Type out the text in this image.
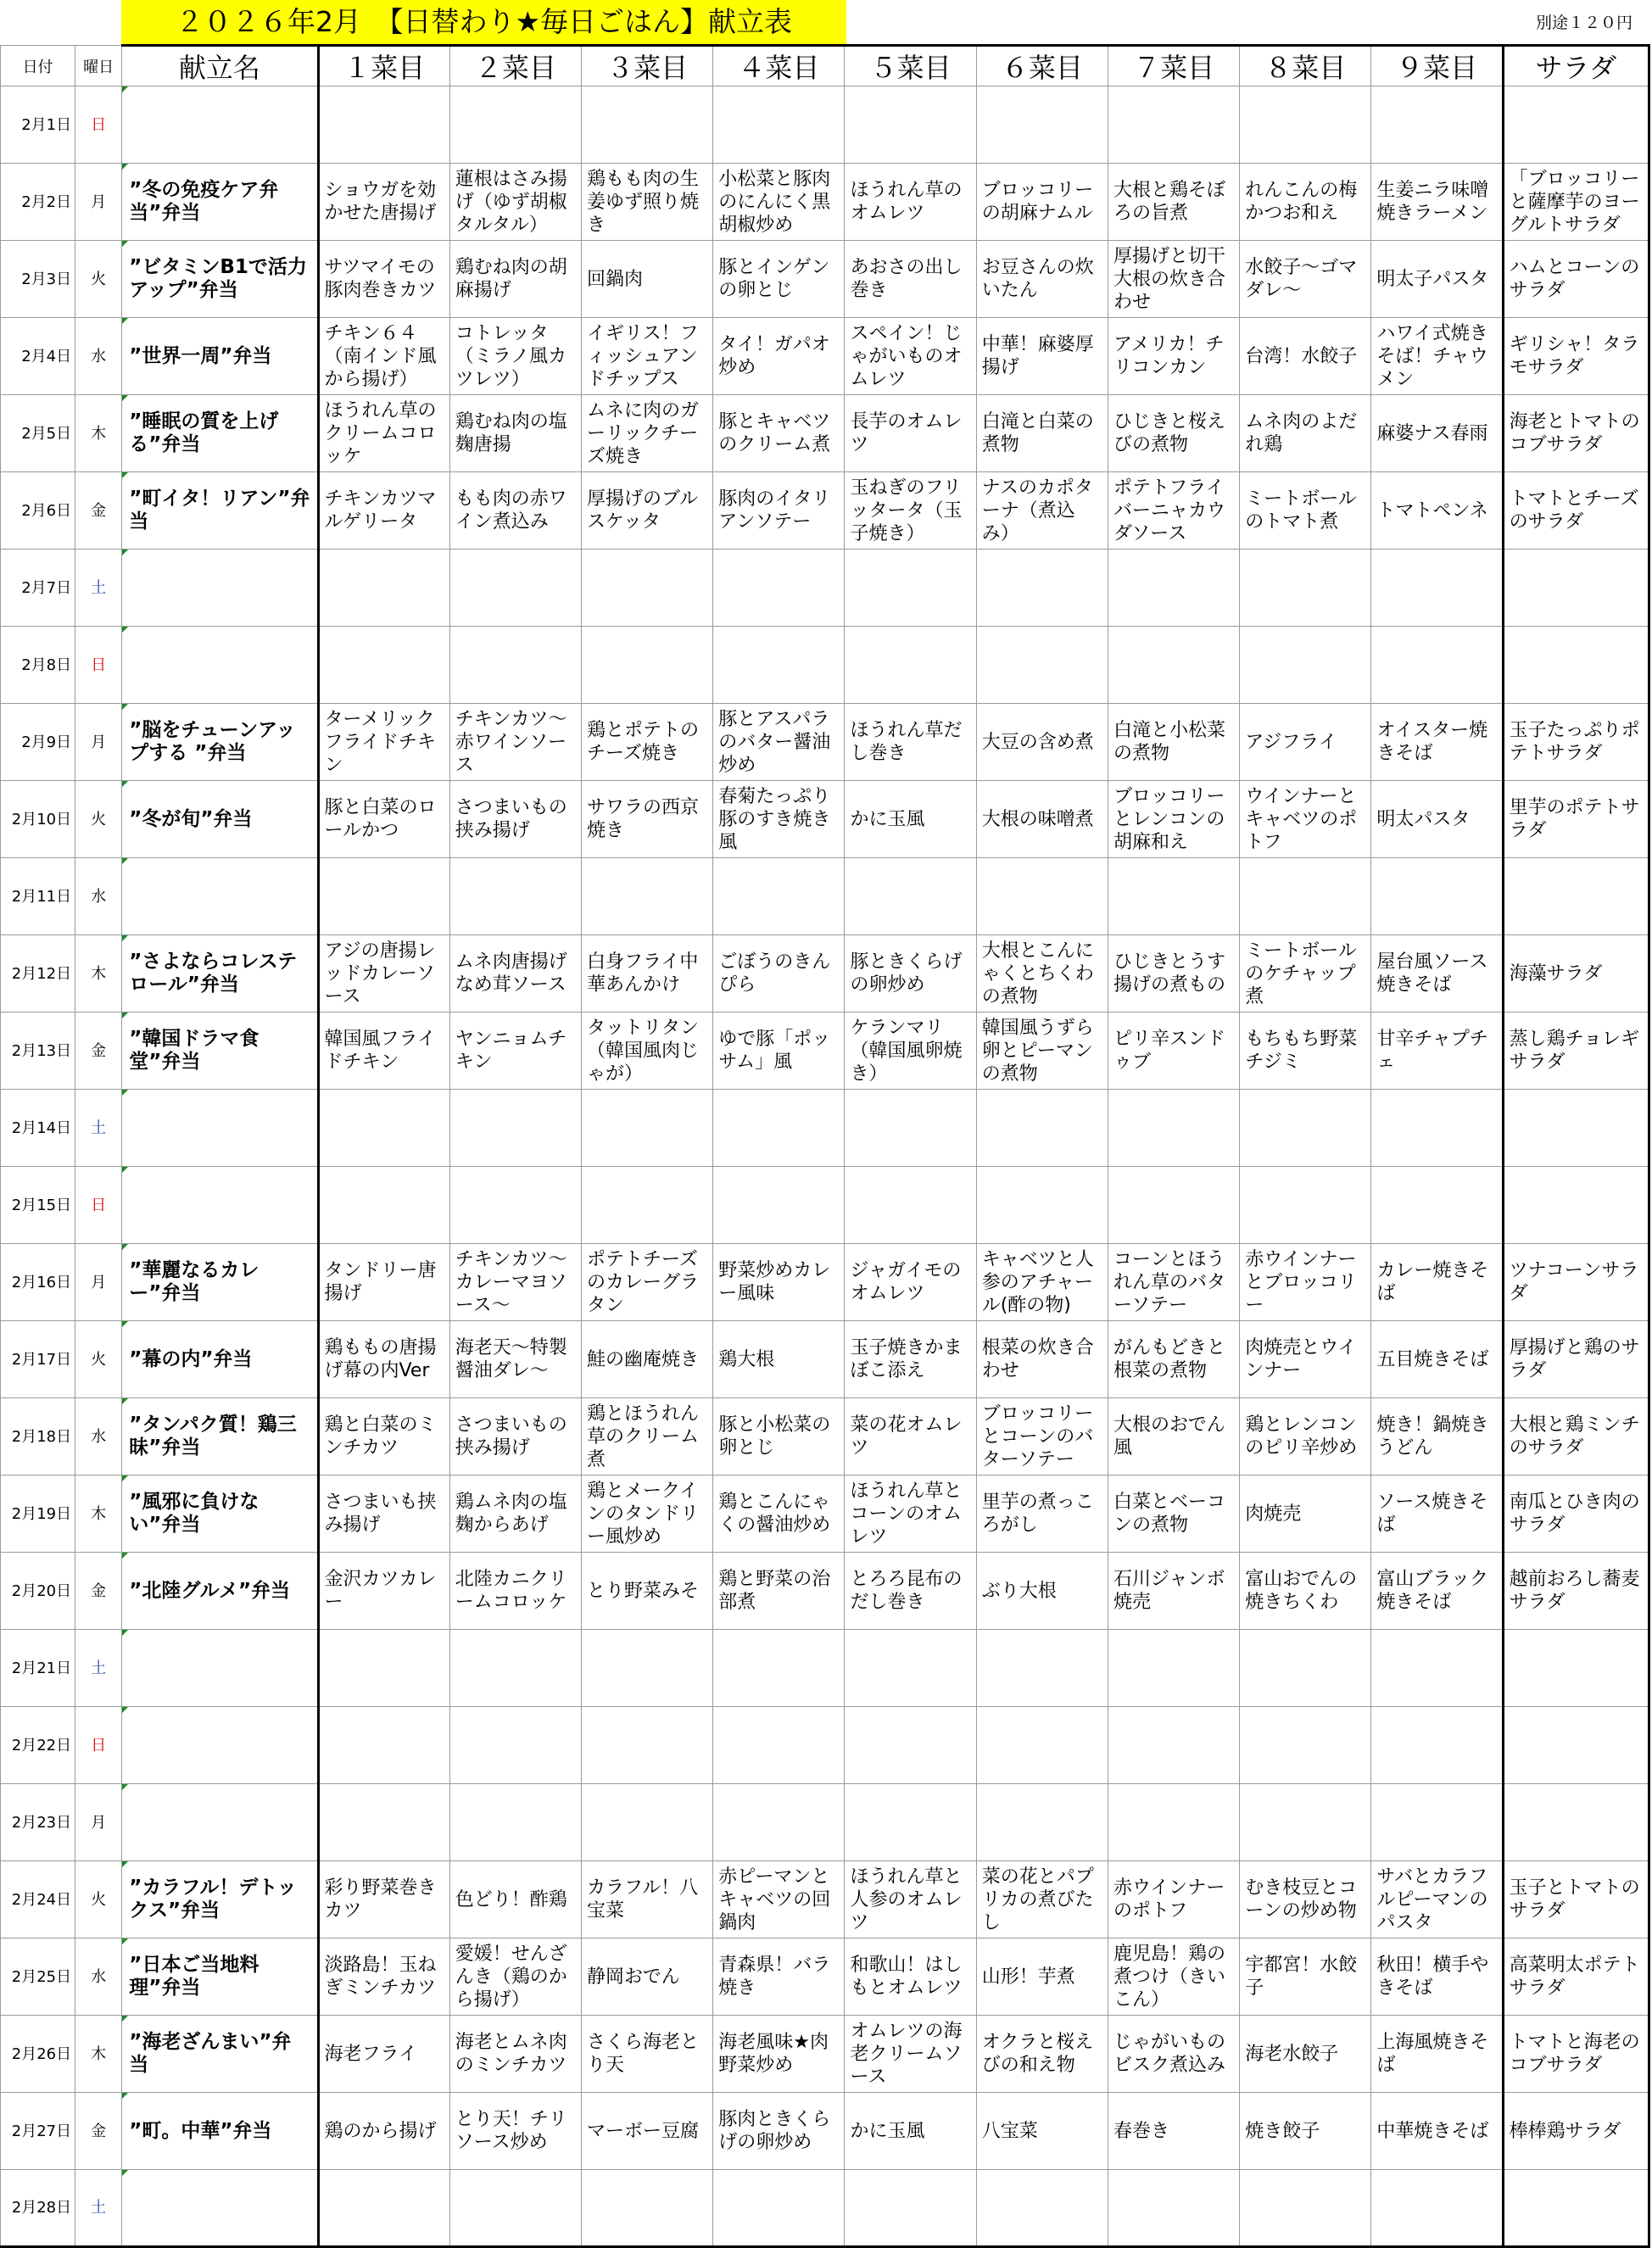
２０２６年2月　【日替わり★毎日ごはん】献立表	別途１２０円
日付	曜日	献立名	１菜目	２菜目	３菜目	４菜目	５菜目	６菜目	７菜目	８菜目	９菜目	サラダ
2月1日	日											
2月2日	月	”冬の免疫ケア弁当”弁当	ショウガを効かせた唐揚げ	蓮根はさみ揚げ（ゆず胡椒タルタル）	鶏もも肉の生姜ゆず照り焼き	小松菜と豚肉のにんにく黒胡椒炒め	ほうれん草のオムレツ	ブロッコリーの胡麻ナムル	大根と鶏そぼろの旨煮	れんこんの梅かつお和え	生姜ニラ味噌焼きラーメン	「ブロッコリーと薩摩芋のヨーグルトサラダ
2月3日	火	”ビタミンB1で活力アップ”弁当	サツマイモの豚肉巻きカツ	鶏むね肉の胡麻揚げ	回鍋肉	豚とインゲンの卵とじ	あおさの出し巻き	お豆さんの炊いたん	厚揚げと切干大根の炊き合わせ	水餃子～ゴマダレ～	明太子パスタ	ハムとコーンのサラダ
2月4日	水	”世界一周”弁当	チキン６４（南インド風から揚げ）	コトレッタ（ミラノ風カツレツ）	イギリス！フィッシュアンドチップス	タイ！ガパオ炒め	スペイン！じゃがいものオムレツ	中華！麻婆厚揚げ	アメリカ！チリコンカン	台湾！水餃子	ハワイ式焼きそば！チャウメン	ギリシャ！タラモサラダ
2月5日	木	”睡眠の質を上げる”弁当	ほうれん草のクリームコロッケ	鶏むね肉の塩麹唐揚	ムネに肉のガーリックチーズ焼き	豚とキャベツのクリーム煮	長芋のオムレツ	白滝と白菜の煮物	ひじきと桜えびの煮物	ムネ肉のよだれ鶏	麻婆ナス春雨	海老とトマトのコブサラダ
2月6日	金	”町イタ！リアン”弁当	チキンカツマルゲリータ	もも肉の赤ワイン煮込み	厚揚げのブルスケッタ	豚肉のイタリアンソテー	玉ねぎのフリッタータ（玉子焼き）	ナスのカポターナ（煮込み）	ポテトフライバーニャカウダソース	ミートボールのトマト煮	トマトペンネ	トマトとチーズのサラダ
2月7日	土											
2月8日	日											
2月9日	月	”脳をチューンアップする ”弁当	ターメリックフライドチキン	チキンカツ～赤ワインソース	鶏とポテトのチーズ焼き	豚とアスパラのバター醤油炒め	ほうれん草だし巻き	大豆の含め煮	白滝と小松菜の煮物	アジフライ	オイスター焼きそば	玉子たっぷりポテトサラダ
2月10日	火	”冬が旬”弁当	豚と白菜のロールかつ	さつまいもの挟み揚げ	サワラの西京焼き	春菊たっぷり豚のすき焼き風	かに玉風	大根の味噌煮	ブロッコリーとレンコンの胡麻和え	ウインナーとキャベツのポトフ	明太パスタ	里芋のポテトサラダ
2月11日	水											
2月12日	木	”さよならコレステロール”弁当	アジの唐揚レッドカレーソース	ムネ肉唐揚げなめ茸ソース	白身フライ中華あんかけ	ごぼうのきんぴら	豚ときくらげの卵炒め	大根とこんにゃくとちくわの煮物	ひじきとうす揚げの煮もの	ミートボールのケチャップ煮	屋台風ソース焼きそば	海藻サラダ
2月13日	金	”韓国ドラマ食堂”弁当	韓国風フライドチキン	ヤンニョムチキン	タットリタン（韓国風肉じゃが）	ゆで豚「ポッサム」風	ケランマリ（韓国風卵焼き）	韓国風うずら卵とピーマンの煮物	ピリ辛スンドゥブ	もちもち野菜チジミ	甘辛チャプチェ	蒸し鶏チョレギサラダ
2月14日	土											
2月15日	日											
2月16日	月	”華麗なるカレー”弁当	タンドリー唐揚げ	チキンカツ～カレーマヨソース～	ポテトチーズのカレーグラタン	野菜炒めカレー風味	ジャガイモのオムレツ	キャベツと人参のアチャール(酢の物)	コーンとほうれん草のバターソテー	赤ウインナーとブロッコリー	カレー焼きそば	ツナコーンサラダ
2月17日	火	”幕の内”弁当	鶏ももの唐揚げ幕の内Ver	海老天～特製醤油ダレ～	鮭の幽庵焼き	鶏大根	玉子焼きかまぼこ添え	根菜の炊き合わせ	がんもどきと根菜の煮物	肉焼売とウインナー	五目焼きそば	厚揚げと鶏のサラダ
2月18日	水	”タンパク質！鶏三昧”弁当	鶏と白菜のミンチカツ	さつまいもの挟み揚げ	鶏とほうれん草のクリーム煮	豚と小松菜の卵とじ	菜の花オムレツ	ブロッコリーとコーンのバターソテー	大根のおでん風	鶏とレンコンのピリ辛炒め	焼き！鍋焼きうどん	大根と鶏ミンチのサラダ
2月19日	木	”風邪に負けない”弁当	さつまいも挟み揚げ	鶏ムネ肉の塩麹からあげ	鶏とメークインのタンドリー風炒め	鶏とこんにゃくの醤油炒め	ほうれん草とコーンのオムレツ	里芋の煮っころがし	白菜とベーコンの煮物	肉焼売	ソース焼きそば	南瓜とひき肉のサラダ
2月20日	金	”北陸グルメ”弁当	金沢カツカレー	北陸カニクリームコロッケ	とり野菜みそ	鶏と野菜の治部煮	とろろ昆布のだし巻き	ぶり大根	石川ジャンボ焼売	富山おでんの焼きちくわ	富山ブラック焼きそば	越前おろし蕎麦サラダ
2月21日	土											
2月22日	日											
2月23日	月											
2月24日	火	”カラフル！デトックス”弁当	彩り野菜巻きカツ	色どり！酢鶏	カラフル！八宝菜	赤ピーマンとキャベツの回鍋肉	ほうれん草と人参のオムレツ	菜の花とパプリカの煮びたし	赤ウインナーのポトフ	むき枝豆とコーンの炒め物	サバとカラフルピーマンのパスタ	玉子とトマトのサラダ
2月25日	水	”日本ご当地料理”弁当	淡路島！玉ねぎミンチカツ	愛媛！せんざんき（鶏のから揚げ）	静岡おでん	青森県！バラ焼き	和歌山！はしもとオムレツ	山形！芋煮	鹿児島！鶏の煮つけ（きいこん）	宇都宮！水餃子	秋田！横手やきそば	高菜明太ポテトサラダ
2月26日	木	”海老ざんまい”弁当	海老フライ	海老とムネ肉のミンチカツ	さくら海老とり天	海老風味★肉野菜炒め	オムレツの海老クリームソース	オクラと桜えびの和え物	じゃがいものビスク煮込み	海老水餃子	上海風焼きそば	トマトと海老のコブサラダ
2月27日	金	”町。中華”弁当	鶏のから揚げ	とり天！チリソース炒め	マーボー豆腐	豚肉ときくらげの卵炒め	かに玉風	八宝菜	春巻き	焼き餃子	中華焼きそば	棒棒鶏サラダ
2月28日	土											
